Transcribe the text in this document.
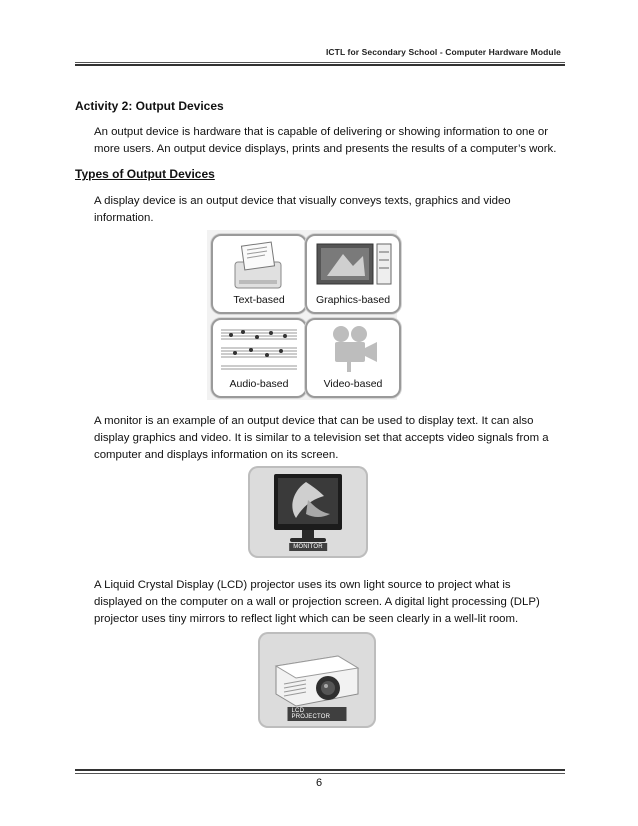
ICTL for Secondary School - Computer Hardware Module
Activity 2: Output Devices
An output device is hardware that is capable of delivering or showing information to one or
more users. An output device displays, prints and presents the results of a computer’s work.
Types of Output Devices
A display device is an output device that visually conveys texts, graphics and video
information.
Text-based	Graphics-based
Audio-based	Video-based
A monitor is an example of an output device that can be used to display text. It can also
display graphics and video. It is similar to a television set that accepts video signals from a
computer and displays information on its screen.
MONITOR
A Liquid Crystal Display (LCD) projector uses its own light source to project what is
displayed on the computer on a wall or projection screen. A digital light processing (DLP)
projector uses tiny mirrors to reflect light which can be seen clearly in a well-lit room.
LCD PROJECTOR
6
